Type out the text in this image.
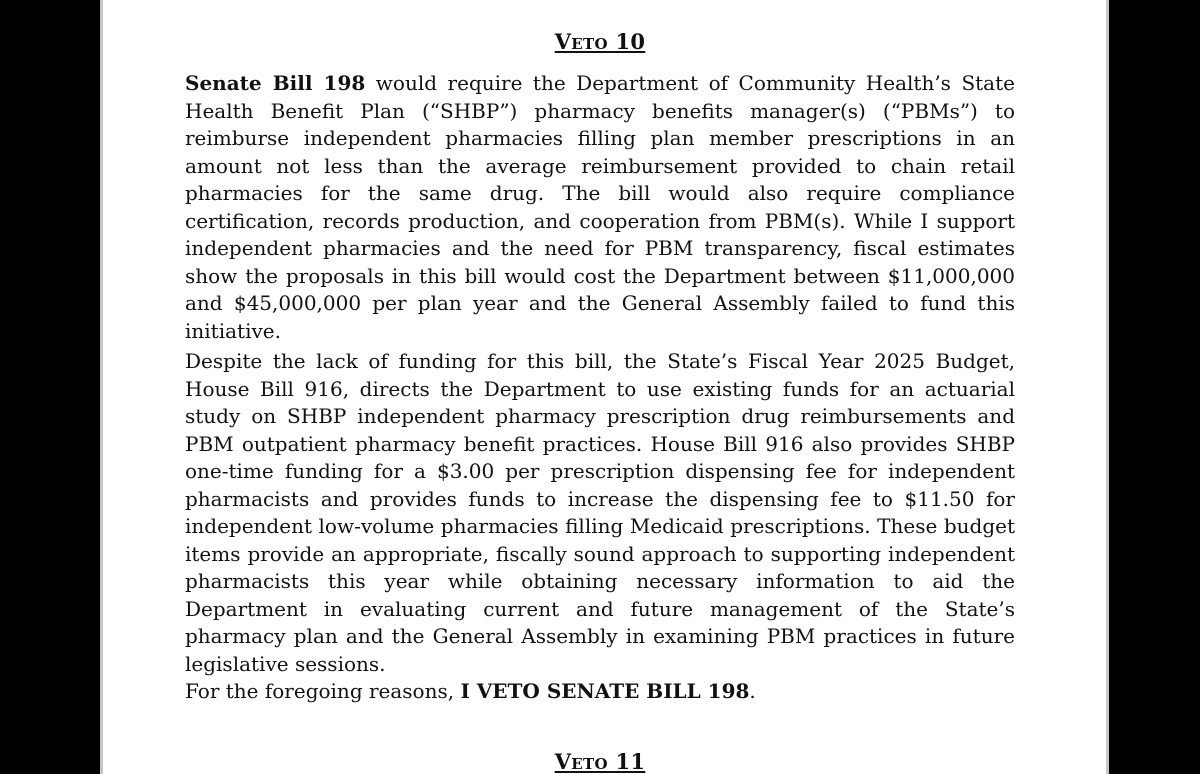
Veto 10

Senate Bill 198 would require the Department of Community Health’s State Health Benefit Plan (“SHBP”) pharmacy benefits manager(s) (“PBMs”) to reimburse independent pharmacies filling plan member prescriptions in an amount not less than the average reimbursement provided to chain retail pharmacies for the same drug. The bill would also require compliance certification, records production, and cooperation from PBM(s). While I support independent pharmacies and the need for PBM transparency, fiscal estimates show the proposals in this bill would cost the Department between $11,000,000 and $45,000,000 per plan year and the General Assembly failed to fund this initiative.

Despite the lack of funding for this bill, the State’s Fiscal Year 2025 Budget, House Bill 916, directs the Department to use existing funds for an actuarial study on SHBP independent pharmacy prescription drug reimbursements and PBM outpatient pharmacy benefit practices. House Bill 916 also provides SHBP one-time funding for a $3.00 per prescription dispensing fee for independent pharmacists and provides funds to increase the dispensing fee to $11.50 for independent low-volume pharmacies filling Medicaid prescriptions. These budget items provide an appropriate, fiscally sound approach to supporting independent pharmacists this year while obtaining necessary information to aid the Department in evaluating current and future management of the State’s pharmacy plan and the General Assembly in examining PBM practices in future legislative sessions.

For the foregoing reasons, I VETO SENATE BILL 198.

Veto 11
